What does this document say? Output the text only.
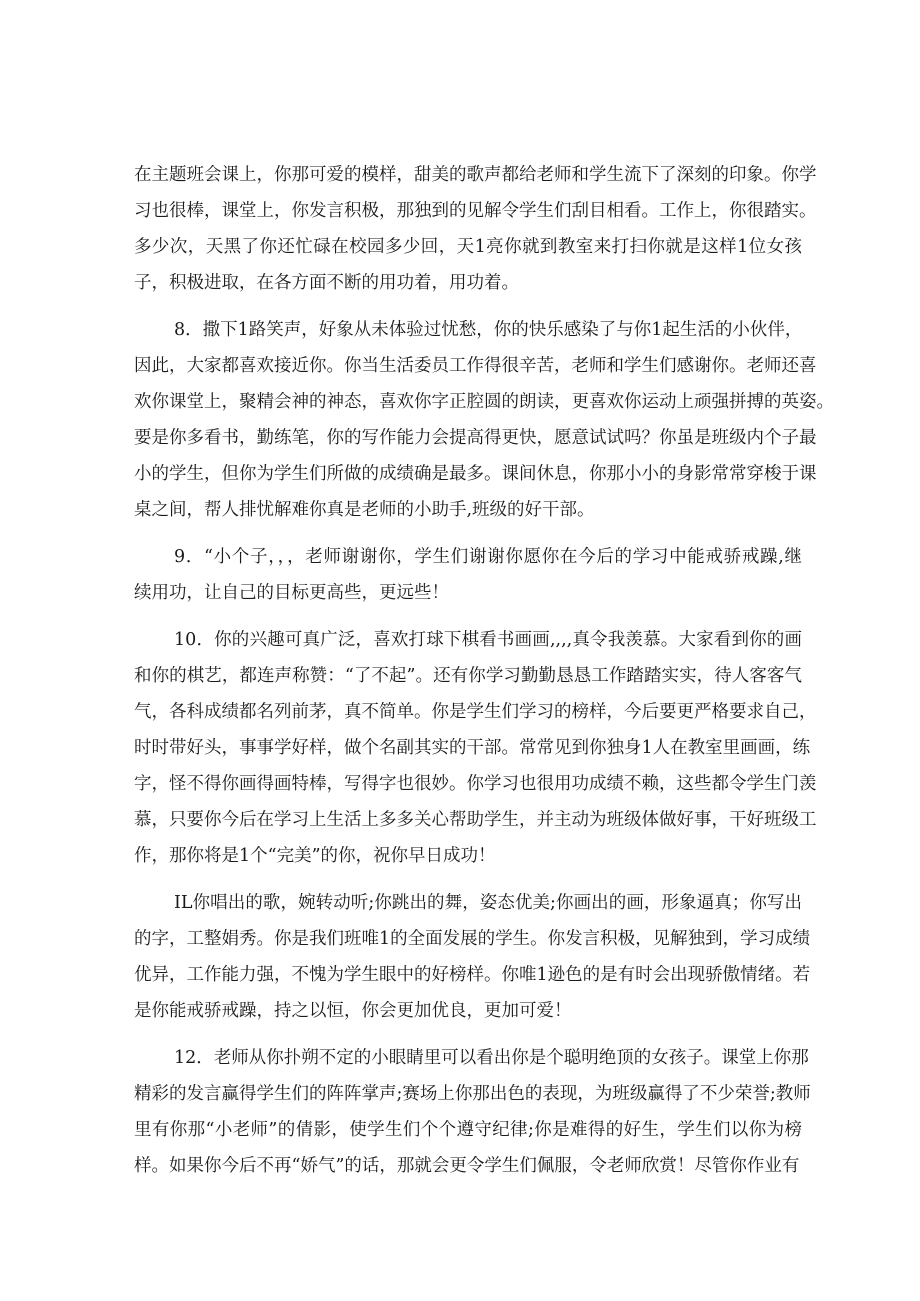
在主题班会课上，你那可爱的模样，甜美的歌声都给老师和学生流下了深刻的印象。你学
习也很棒，课堂上，你发言积极，那独到的见解令学生们刮目相看。工作上，你很踏实。
多少次，天黑了你还忙碌在校园多少回，天1亮你就到教室来打扫你就是这样1位女孩
子，积极进取，在各方面不断的用功着，用功着。
8．撒下1路笑声，好象从未体验过忧愁，你的快乐感染了与你1起生活的小伙伴，
因此，大家都喜欢接近你。你当生活委员工作得很辛苦，老师和学生们感谢你。老师还喜
欢你课堂上，聚精会神的神态，喜欢你字正腔圆的朗读，更喜欢你运动上顽强拼搏的英姿。
要是你多看书，勤练笔，你的写作能力会提高得更快，愿意试试吗？你虽是班级内个子最
小的学生，但你为学生们所做的成绩确是最多。课间休息，你那小小的身影常常穿梭于课
桌之间，帮人排忧解难你真是老师的小助手,班级的好干部。
9．“小个子，，，老师谢谢你，学生们谢谢你愿你在今后的学习中能戒骄戒躁,继
续用功，让自己的目标更高些，更远些！
10．你的兴趣可真广泛，喜欢打球下棋看书画画,,,,真令我羡慕。大家看到你的画
和你的棋艺，都连声称赞：“了不起”。还有你学习勤勤恳恳工作踏踏实实，待人客客气
气，各科成绩都名列前茅，真不简单。你是学生们学习的榜样，今后要更严格要求自己，
时时带好头，事事学好样，做个名副其实的干部。常常见到你独身1人在教室里画画，练
字，怪不得你画得画特棒，写得字也很妙。你学习也很用功成绩不赖，这些都令学生门羡
慕，只要你今后在学习上生活上多多关心帮助学生，并主动为班级体做好事，干好班级工
作，那你将是1个“完美”的你，祝你早日成功！
IL你唱出的歌，婉转动听;你跳出的舞，姿态优美;你画出的画，形象逼真；你写出
的字，工整娟秀。你是我们班唯1的全面发展的学生。你发言积极，见解独到，学习成绩
优异，工作能力强，不愧为学生眼中的好榜样。你唯1逊色的是有时会出现骄傲情绪。若
是你能戒骄戒躁，持之以恒，你会更加优良，更加可爱！
12．老师从你扑朔不定的小眼睛里可以看出你是个聪明绝顶的女孩子。课堂上你那
精彩的发言赢得学生们的阵阵掌声;赛场上你那出色的表现，为班级赢得了不少荣誉;教师
里有你那“小老师”的倩影，使学生们个个遵守纪律;你是难得的好生，学生们以你为榜
样。如果你今后不再“娇气”的话，那就会更令学生们佩服，令老师欣赏！尽管你作业有
